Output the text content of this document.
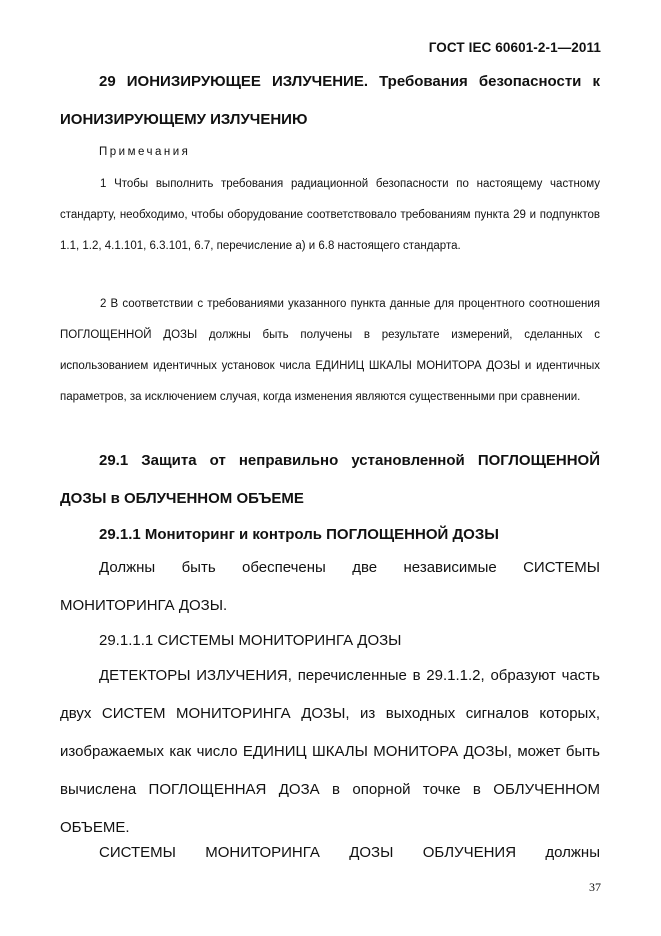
ГОСТ IEC 60601-2-1—2011

29 ИОНИЗИРУЮЩЕЕ ИЗЛУЧЕНИЕ. Требования безопасности к ИОНИЗИРУЮЩЕМУ ИЗЛУЧЕНИЮ

Примечания

1 Чтобы выполнить требования радиационной безопасности по настоящему частному стандарту, необходимо, чтобы оборудование соответствовало требованиям пункта 29 и подпунктов 1.1, 1.2, 4.1.101, 6.3.101, 6.7, перечисление а) и 6.8 настоящего стандарта.

2 В соответствии с требованиями указанного пункта данные для процентного соотношения ПОГЛОЩЕННОЙ ДОЗЫ должны быть получены в результате измерений, сделанных с использованием идентичных установок числа ЕДИНИЦ ШКАЛЫ МОНИТОРА ДОЗЫ и идентичных параметров, за исключением случая, когда изменения являются существенными при сравнении.

29.1 Защита от неправильно установленной ПОГЛОЩЕННОЙ ДОЗЫ в ОБЛУЧЕННОМ ОБЪЕМЕ

29.1.1 Мониторинг и контроль ПОГЛОЩЕННОЙ ДОЗЫ

Должны быть обеспечены две независимые СИСТЕМЫ МОНИТОРИНГА ДОЗЫ.

29.1.1.1 СИСТЕМЫ МОНИТОРИНГА ДОЗЫ

ДЕТЕКТОРЫ ИЗЛУЧЕНИЯ, перечисленные в 29.1.1.2, образуют часть двух СИСТЕМ МОНИТОРИНГА ДОЗЫ, из выходных сигналов которых, изображаемых как число ЕДИНИЦ ШКАЛЫ МОНИТОРА ДОЗЫ, может быть вычислена ПОГЛОЩЕННАЯ ДОЗА в опорной точке в ОБЛУЧЕННОМ ОБЪЕМЕ.

СИСТЕМЫ МОНИТОРИНГА ДОЗЫ ОБЛУЧЕНИЯ должны

37
